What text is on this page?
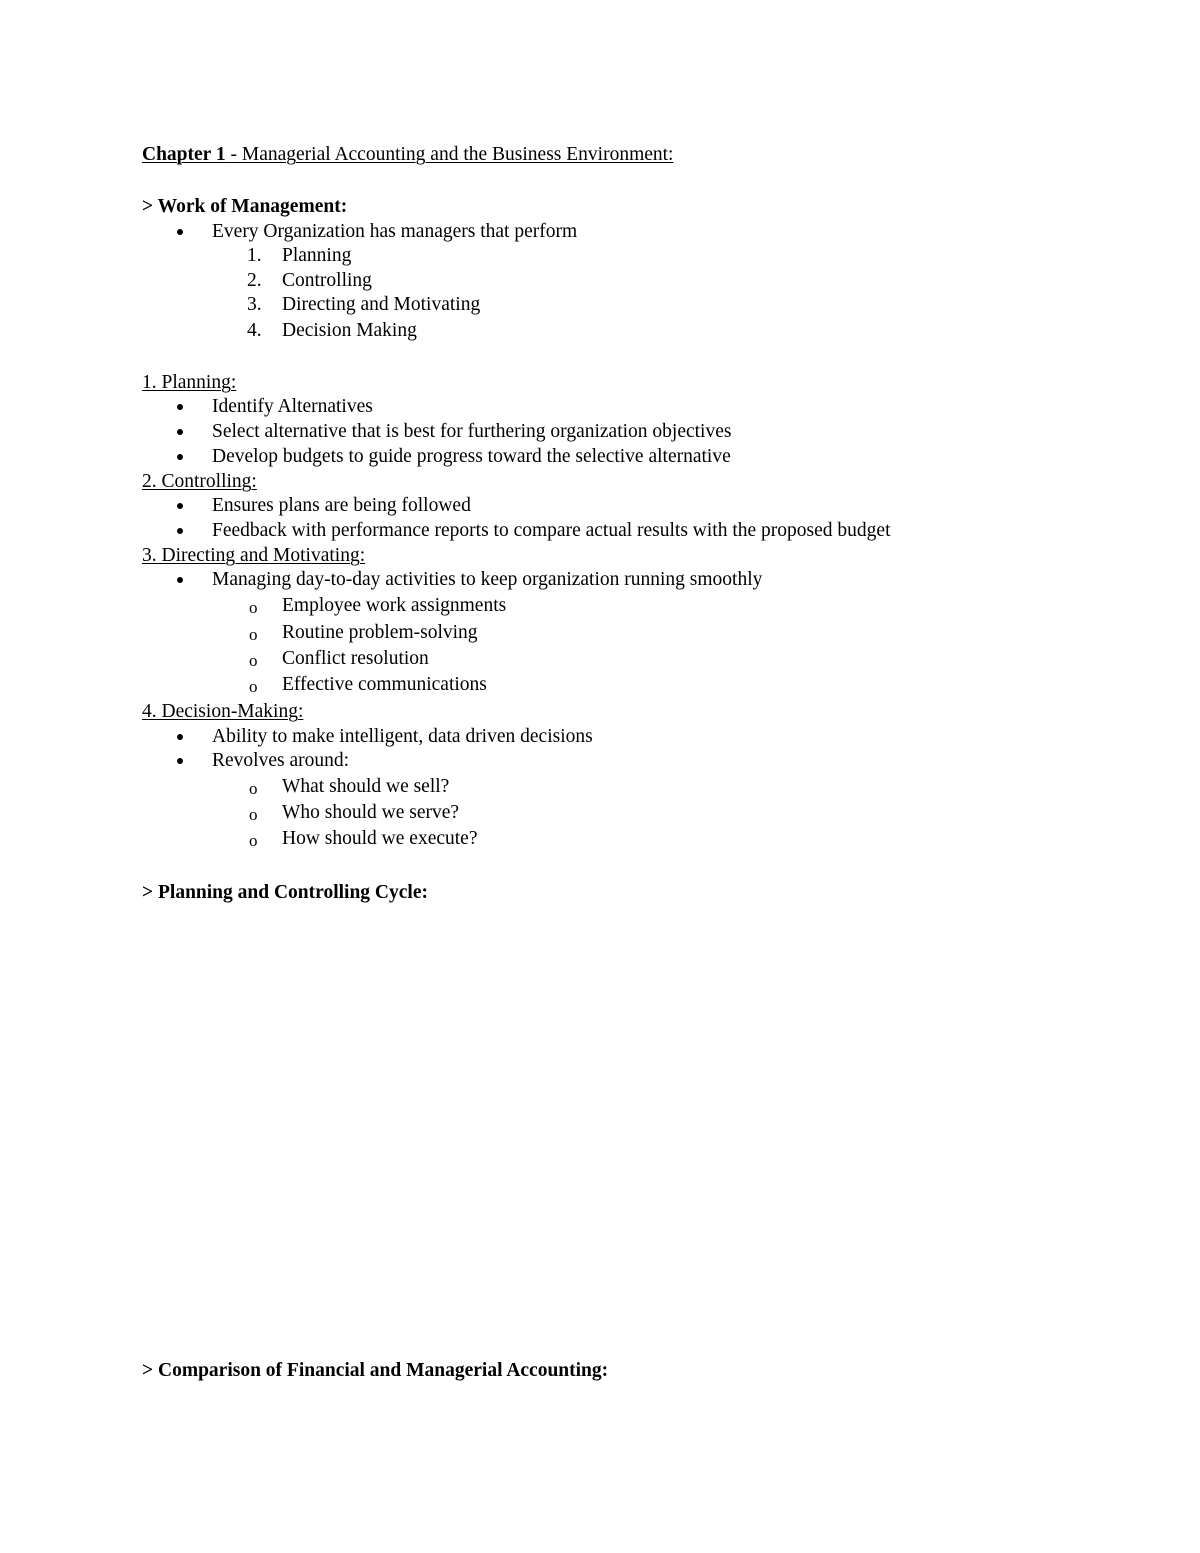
Chapter 1 - Managerial Accounting and the Business Environment:
> Work of Management:
Every Organization has managers that perform
1. Planning
2. Controlling
3. Directing and Motivating
4. Decision Making
1. Planning:
Identify Alternatives
Select alternative that is best for furthering organization objectives
Develop budgets to guide progress toward the selective alternative
2. Controlling:
Ensures plans are being followed
Feedback with performance reports to compare actual results with the proposed budget
3. Directing and Motivating:
Managing day-to-day activities to keep organization running smoothly
o Employee work assignments
o Routine problem-solving
o Conflict resolution
o Effective communications
4. Decision-Making:
Ability to make intelligent, data driven decisions
Revolves around:
o What should we sell?
o Who should we serve?
o How should we execute?
> Planning and Controlling Cycle:
> Comparison of Financial and Managerial Accounting:
